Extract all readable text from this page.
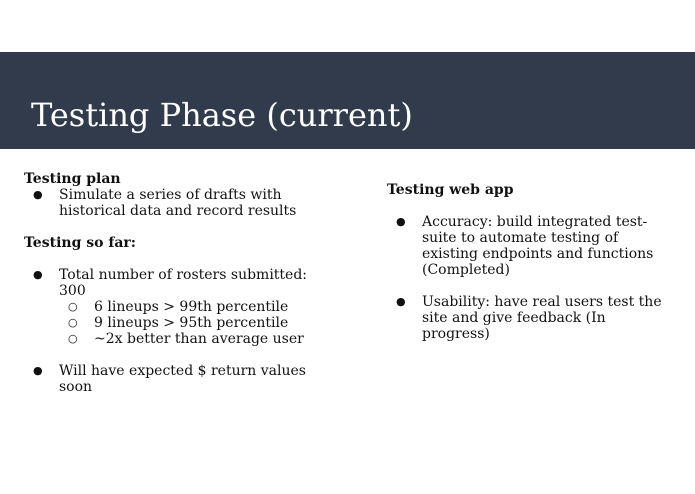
Testing Phase (current)

Testing plan

● Simulate a series of drafts with historical data and record results

Testing so far:

● Total number of rosters submitted: 300
○ 6 lineups > 99th percentile
○ 9 lineups > 95th percentile
○ ~2x better than average user
● Will have expected $ return values soon

Testing web app

● Accuracy: build integrated test-suite to automate testing of existing endpoints and functions (Completed)
● Usability: have real users test the site and give feedback (In progress)
